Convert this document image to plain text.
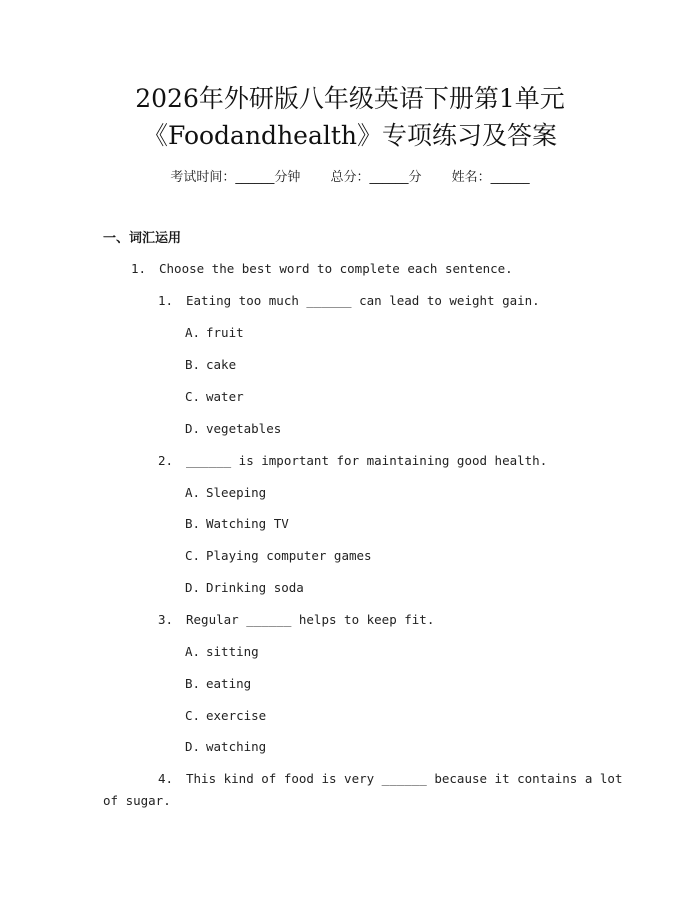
2026年外研版八年级英语下册第1单元
《Foodandhealth》专项练习及答案
考试时间：______分钟 总分：______分 姓名：______
一、词汇运用
1. Choose the best word to complete each sentence.
1. Eating too much ______ can lead to weight gain.
A. fruit
B. cake
C. water
D. vegetables
2. ______ is important for maintaining good health.
A. Sleeping
B. Watching TV
C. Playing computer games
D. Drinking soda
3. Regular ______ helps to keep fit.
A. sitting
B. eating
C. exercise
D. watching
4. This kind of food is very ______ because it contains a lot
of sugar.
